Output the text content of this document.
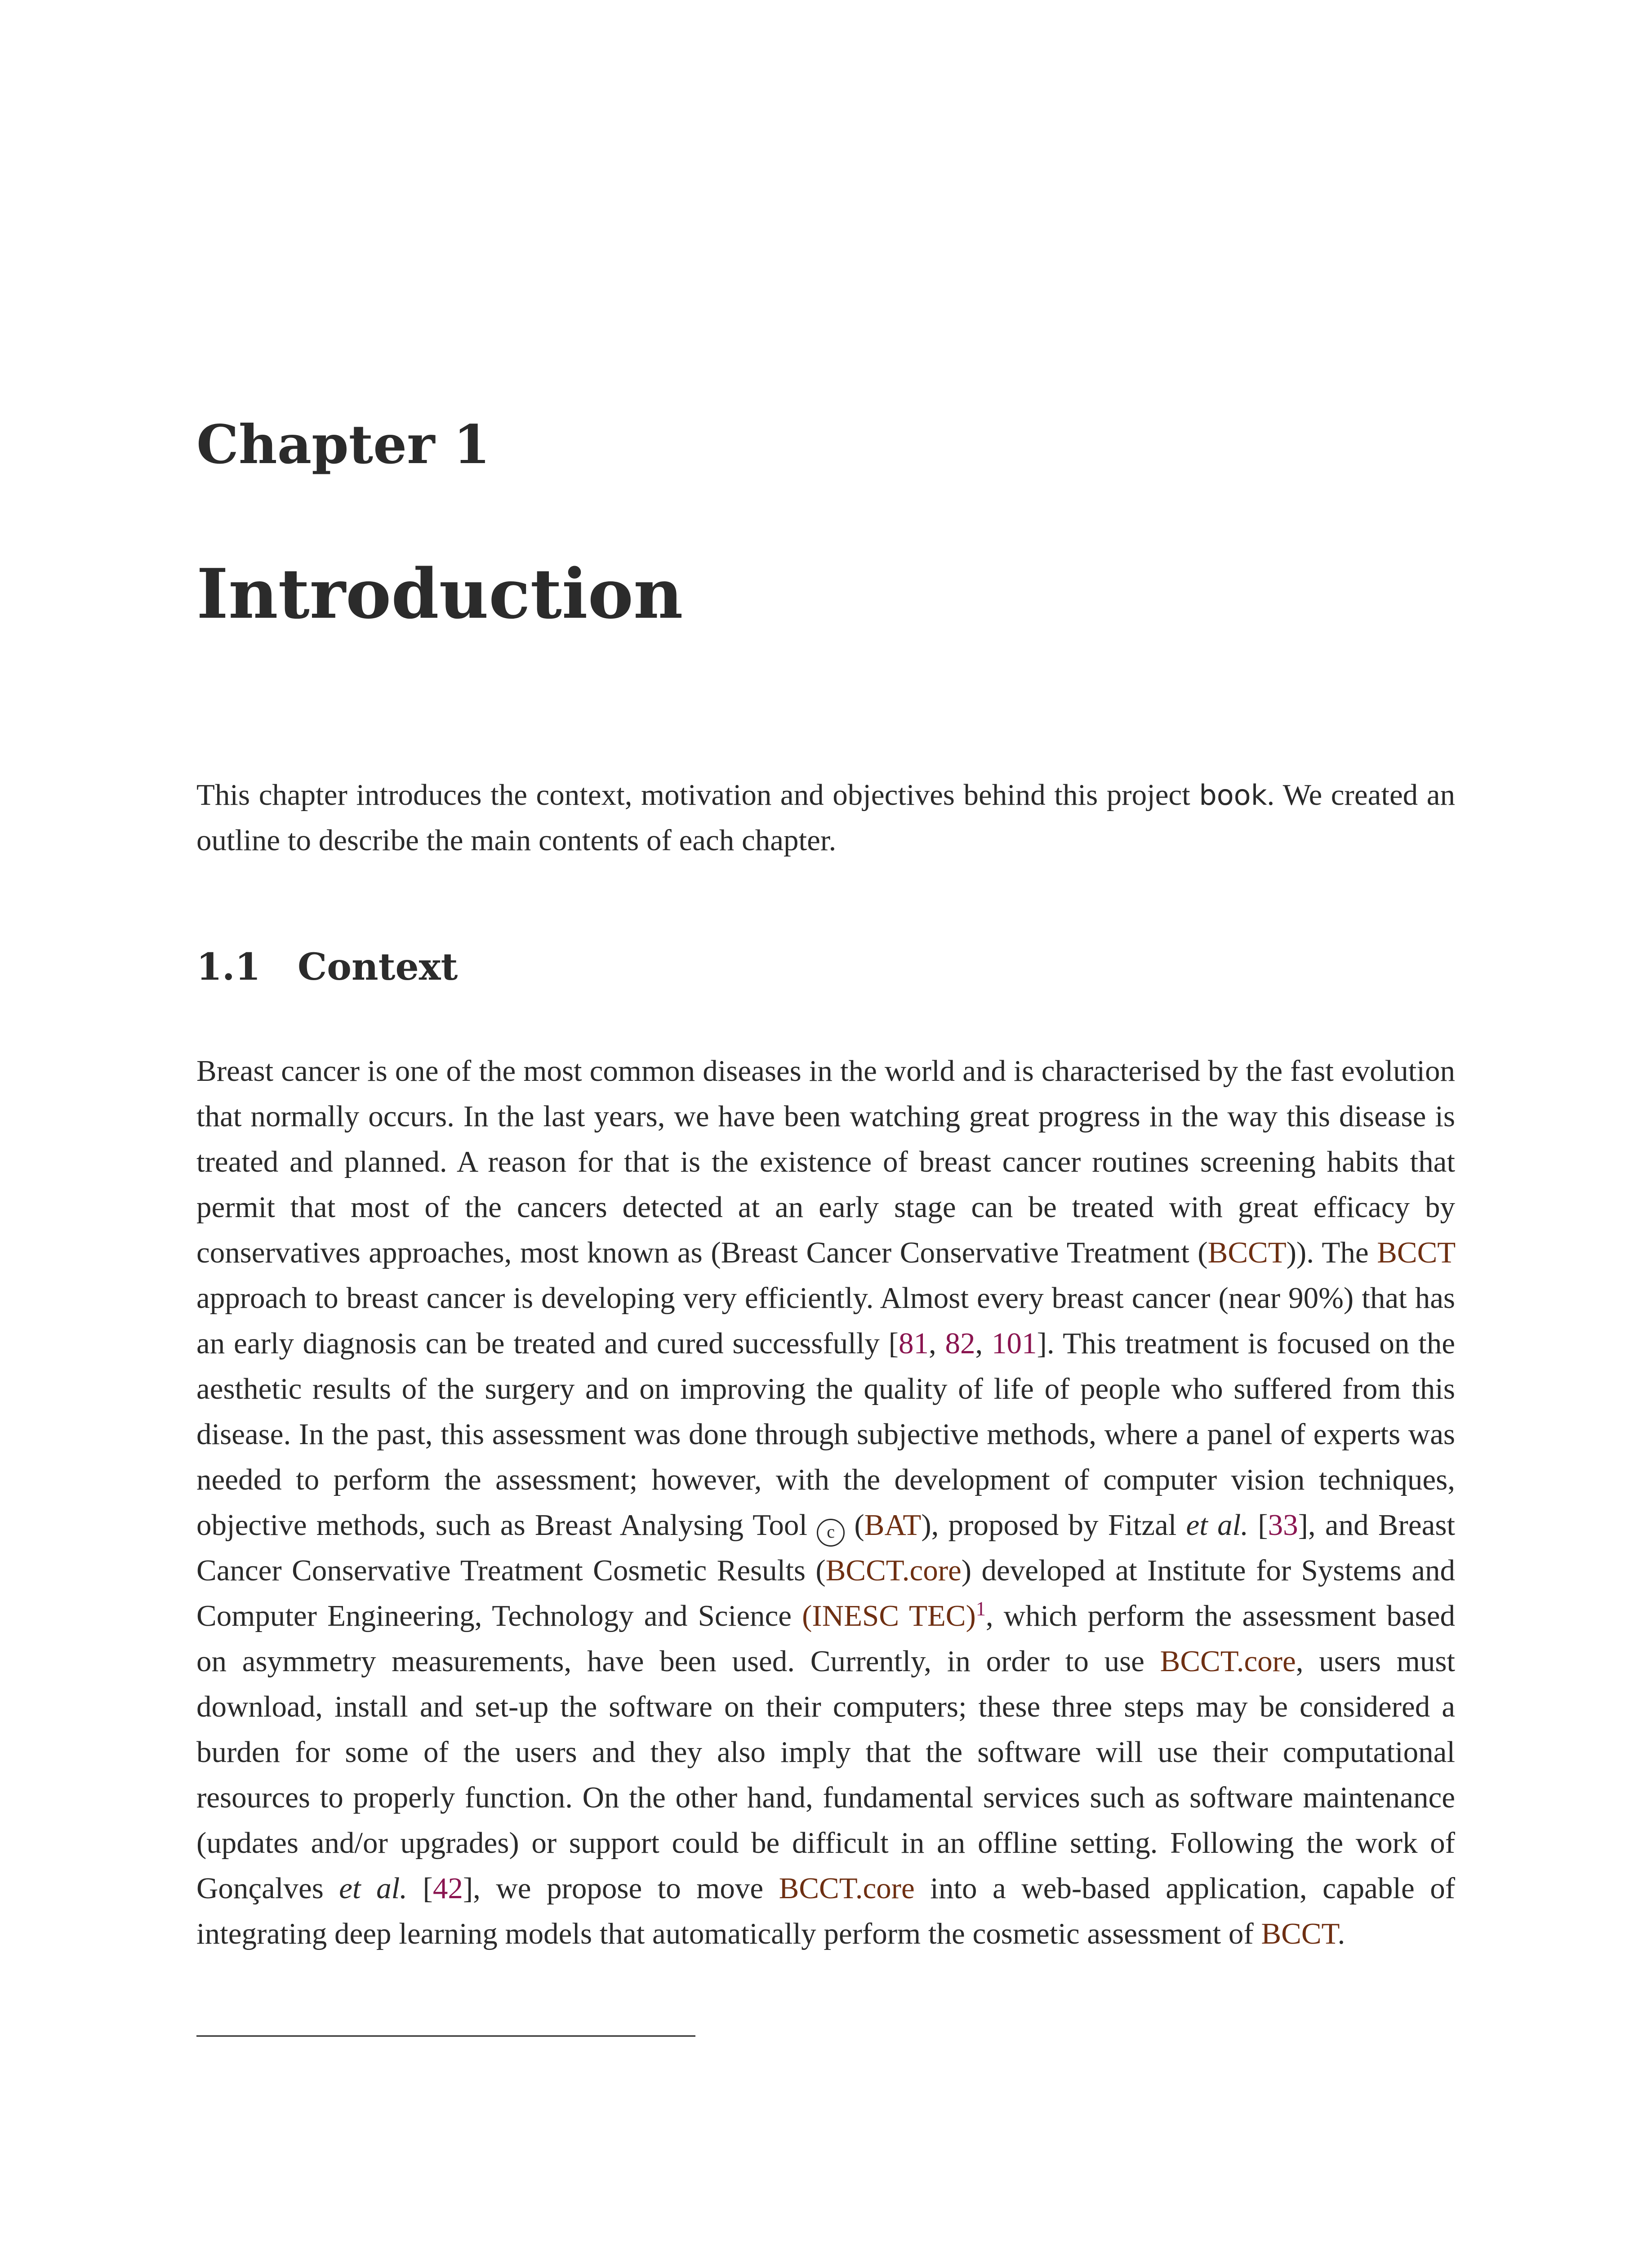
Chapter 1
Introduction

This chapter introduces the context, motivation and objectives behind this project book. We created an outline to describe the main contents of each chapter.

1.1 Context

Breast cancer is one of the most common diseases in the world and is characterised by the fast evolution that normally occurs. In the last years, we have been watching great progress in the way this disease is treated and planned. A reason for that is the existence of breast cancer routines screening habits that permit that most of the cancers detected at an early stage can be treated with great efficacy by conservatives approaches, most known as (Breast Cancer Conservative Treatment (BCCT)). The BCCT approach to breast cancer is developing very efficiently. Almost every breast cancer (near 90%) that has an early diagnosis can be treated and cured successfully [81, 82, 101]. This treatment is focused on the aesthetic results of the surgery and on improving the quality of life of people who suffered from this disease. In the past, this assessment was done through subjective methods, where a panel of experts was needed to perform the assessment; however, with the development of computer vision techniques, objective methods, such as Breast Analysing Tool c (BAT), proposed by Fitzal et al. [33], and Breast Cancer Conservative Treatment Cosmetic Results (BCCT.core) developed at Institute for Systems and Computer Engineering, Technology and Science (INESC TEC)$^1$, which perform the assessment based on asymmetry measurements, have been used. Currently, in order to use BCCT.core, users must download, install and set-up the software on their computers; these three steps may be considered a burden for some of the users and they also imply that the software will use their computational resources to properly function. On the other hand, fundamental services such as software maintenance (updates and/or upgrades) or support could be difficult in an offline setting. Following the work of Gonçalves et al. [42], we propose to move BCCT.core into a web-based application, capable of integrating deep learning models that automatically perform the cosmetic assessment of BCCT.
